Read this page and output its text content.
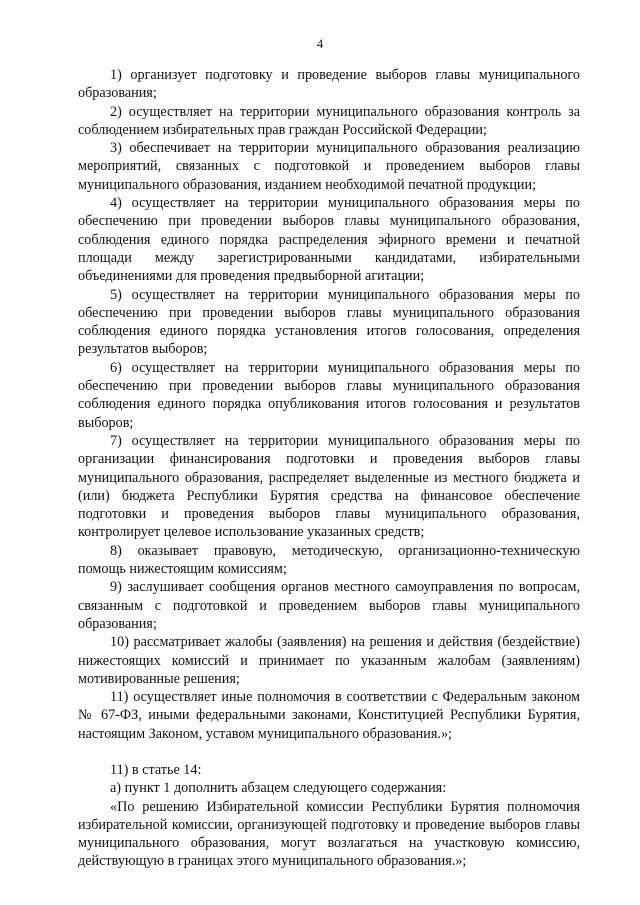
4

1) организует подготовку и проведение выборов главы муниципального образования;

2) осуществляет на территории муниципального образования контроль за соблюдением избирательных прав граждан Российской Федерации;

3) обеспечивает на территории муниципального образования реализацию мероприятий, связанных с подготовкой и проведением выборов главы муниципального образования, изданием необходимой печатной продукции;

4) осуществляет на территории муниципального образования меры по обеспечению при проведении выборов главы муниципального образования, соблюдения единого порядка распределения эфирного времени и печатной площади между зарегистрированными кандидатами, избирательными объединениями для проведения предвыборной агитации;

5) осуществляет на территории муниципального образования меры по обеспечению при проведении выборов главы муниципального образования соблюдения единого порядка установления итогов голосования, определения результатов выборов;

6) осуществляет на территории муниципального образования меры по обеспечению при проведении выборов главы муниципального образования соблюдения единого порядка опубликования итогов голосования и результатов выборов;

7) осуществляет на территории муниципального образования меры по организации финансирования подготовки и проведения выборов главы муниципального образования, распределяет выделенные из местного бюджета и (или) бюджета Республики Бурятия средства на финансовое обеспечение подготовки и проведения выборов главы муниципального образования, контролирует целевое использование указанных средств;

8) оказывает правовую, методическую, организационно-техническую помощь нижестоящим комиссиям;

9) заслушивает сообщения органов местного самоуправления по вопросам, связанным с подготовкой и проведением выборов главы муниципального образования;

10) рассматривает жалобы (заявления) на решения и действия (бездействие) нижестоящих комиссий и принимает по указанным жалобам (заявлениям) мотивированные решения;

11) осуществляет иные полномочия в соответствии с Федеральным законом № 67-ФЗ, иными федеральными законами, Конституцией Республики Бурятия, настоящим Законом, уставом муниципального образования.»;

11) в статье 14:

а) пункт 1 дополнить абзацем следующего содержания:

«По решению Избирательной комиссии Республики Бурятия полномочия избирательной комиссии, организующей подготовку и проведение выборов главы муниципального образования, могут возлагаться на участковую комиссию, действующую в границах этого муниципального образования.»;
